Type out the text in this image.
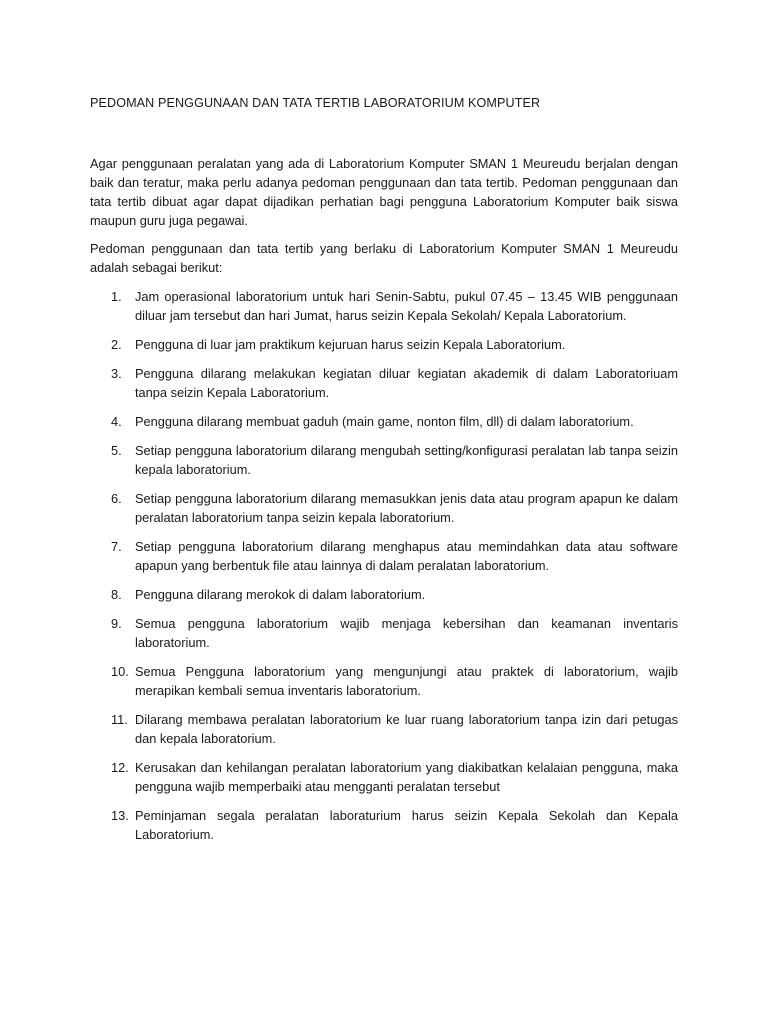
PEDOMAN PENGGUNAAN DAN TATA TERTIB LABORATORIUM KOMPUTER

Agar penggunaan peralatan yang ada di Laboratorium Komputer SMAN 1 Meureudu berjalan dengan baik dan teratur, maka perlu adanya pedoman penggunaan dan tata tertib. Pedoman penggunaan dan tata tertib dibuat agar dapat dijadikan perhatian bagi pengguna Laboratorium Komputer baik siswa maupun guru juga pegawai.

Pedoman penggunaan dan tata tertib yang berlaku di Laboratorium Komputer SMAN 1 Meureudu adalah sebagai berikut:

1.	Jam operasional laboratorium untuk hari Senin-Sabtu, pukul 07.45 – 13.45 WIB penggunaan diluar jam tersebut dan hari Jumat, harus seizin Kepala Sekolah/ Kepala Laboratorium.
2.	Pengguna di luar jam praktikum kejuruan harus seizin Kepala Laboratorium.
3.	Pengguna dilarang melakukan kegiatan diluar kegiatan akademik di dalam Laboratoriuam tanpa seizin Kepala Laboratorium.
4.	Pengguna dilarang membuat gaduh (main game, nonton film, dll) di dalam laboratorium.
5.	Setiap pengguna laboratorium dilarang mengubah setting/konfigurasi peralatan lab tanpa seizin kepala laboratorium.
6.	Setiap pengguna laboratorium dilarang memasukkan jenis data atau program apapun ke dalam peralatan laboratorium tanpa seizin kepala laboratorium.
7.	Setiap pengguna laboratorium dilarang menghapus atau memindahkan data atau software apapun yang berbentuk file atau lainnya di dalam peralatan laboratorium.
8.	Pengguna dilarang merokok di dalam laboratorium.
9.	Semua pengguna laboratorium wajib menjaga kebersihan dan keamanan inventaris laboratorium.
10. Semua Pengguna laboratorium yang mengunjungi atau praktek di laboratorium, wajib merapikan kembali semua inventaris laboratorium.
11. Dilarang membawa peralatan laboratorium ke luar ruang laboratorium tanpa izin dari petugas dan kepala laboratorium.
12. Kerusakan dan kehilangan peralatan laboratorium yang diakibatkan kelalaian pengguna, maka pengguna wajib memperbaiki atau mengganti peralatan tersebut
13. Peminjaman segala peralatan laboraturium harus seizin Kepala Sekolah dan Kepala Laboratorium.
